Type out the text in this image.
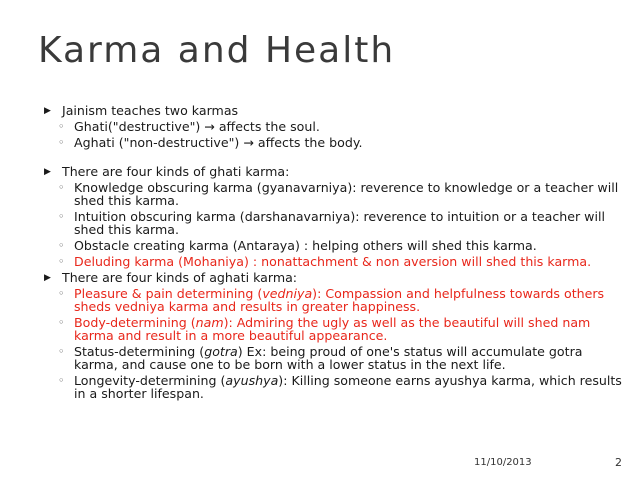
Karma and Health
▶ Jainism teaches two karmas
◦ Ghati("destructive") → affects the soul.
◦ Aghati ("non-destructive") → affects the body.
▶ There are four kinds of ghati karma:
◦ Knowledge obscuring karma (gyanavarniya): reverence to knowledge or a teacher will shed this karma.
◦ Intuition obscuring karma (darshanavarniya): reverence to intuition or a teacher will shed this karma.
◦ Obstacle creating karma (Antaraya) : helping others will shed this karma.
◦ Deluding karma (Mohaniya) : nonattachment & non aversion will shed this karma.
▶ There are four kinds of aghati karma:
◦ Pleasure & pain determining (vedniya): Compassion and helpfulness towards others sheds vedniya karma and results in greater happiness.
◦ Body-determining (nam): Admiring the ugly as well as the beautiful will shed nam karma and result in a more beautiful appearance.
◦ Status-determining (gotra) Ex: being proud of one's status will accumulate gotra karma, and cause one to be born with a lower status in the next life.
◦ Longevity-determining (ayushya): Killing someone earns ayushya karma, which results in a shorter lifespan.
11/10/2013	2
